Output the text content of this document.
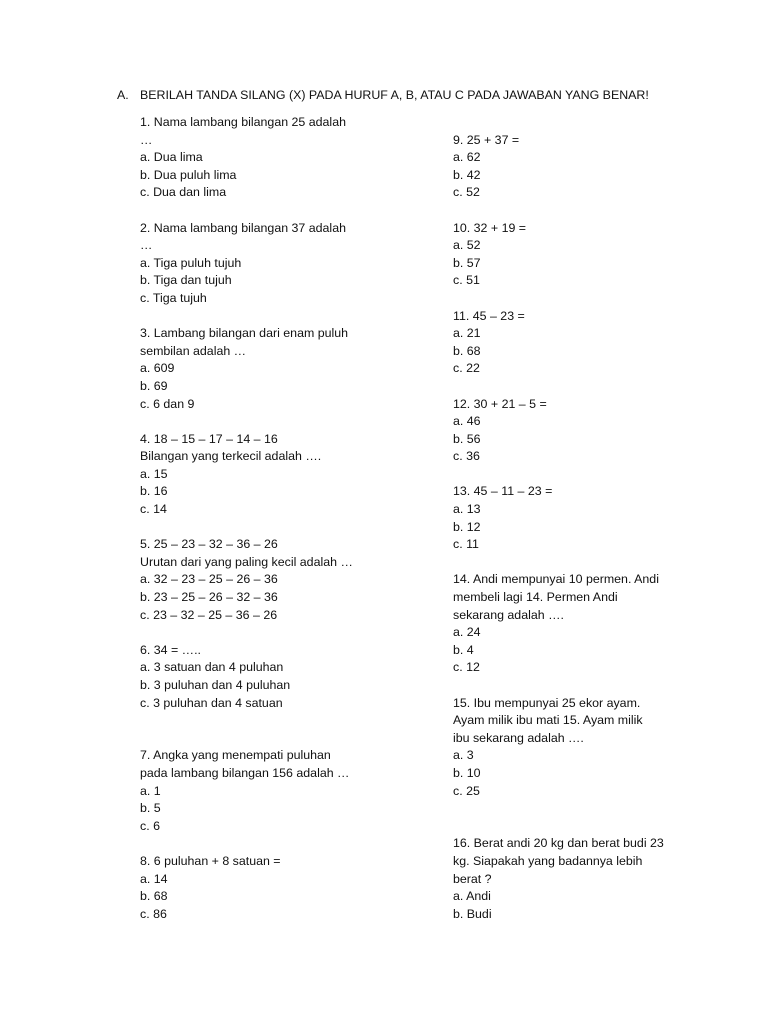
A. BERILAH TANDA SILANG (X) PADA HURUF A, B, ATAU C PADA JAWABAN YANG BENAR!
1. Nama lambang bilangan 25 adalah
…
a. Dua lima
b. Dua puluh lima
c. Dua dan lima
2. Nama lambang bilangan 37 adalah
…
a. Tiga puluh tujuh
b. Tiga dan tujuh
c. Tiga tujuh
3. Lambang bilangan dari enam puluh
sembilan adalah …
a. 609
b. 69
c. 6 dan 9
4. 18 – 15 – 17 – 14 – 16
Bilangan yang terkecil adalah ….
a. 15
b. 16
c. 14
5. 25 – 23 – 32 – 36 – 26
Urutan dari yang paling kecil adalah …
a. 32 – 23 – 25 – 26 – 36
b. 23 – 25 – 26 – 32 – 36
c. 23 – 32 – 25 – 36 – 26
6. 34 = …..
a. 3 satuan dan 4 puluhan
b. 3 puluhan dan 4 puluhan
c. 3 puluhan dan 4 satuan
7. Angka yang menempati puluhan
pada lambang bilangan 156 adalah …
a. 1
b. 5
c. 6
8. 6 puluhan + 8 satuan =
a. 14
b. 68
c. 86
9. 25 + 37 =
a. 62
b. 42
c. 52
10. 32 + 19 =
a. 52
b. 57
c. 51
11. 45 – 23 =
a. 21
b. 68
c. 22
12. 30 + 21 – 5 =
a. 46
b. 56
c. 36
13. 45 – 11 – 23 =
a. 13
b. 12
c. 11
14. Andi mempunyai 10 permen. Andi
membeli lagi 14. Permen Andi
sekarang adalah ….
a. 24
b. 4
c. 12
15. Ibu mempunyai 25 ekor ayam.
Ayam milik ibu mati 15. Ayam milik
ibu sekarang adalah ….
a. 3
b. 10
c. 25
16. Berat andi 20 kg dan berat budi 23
kg. Siapakah yang badannya lebih
berat ?
a. Andi
b. Budi
